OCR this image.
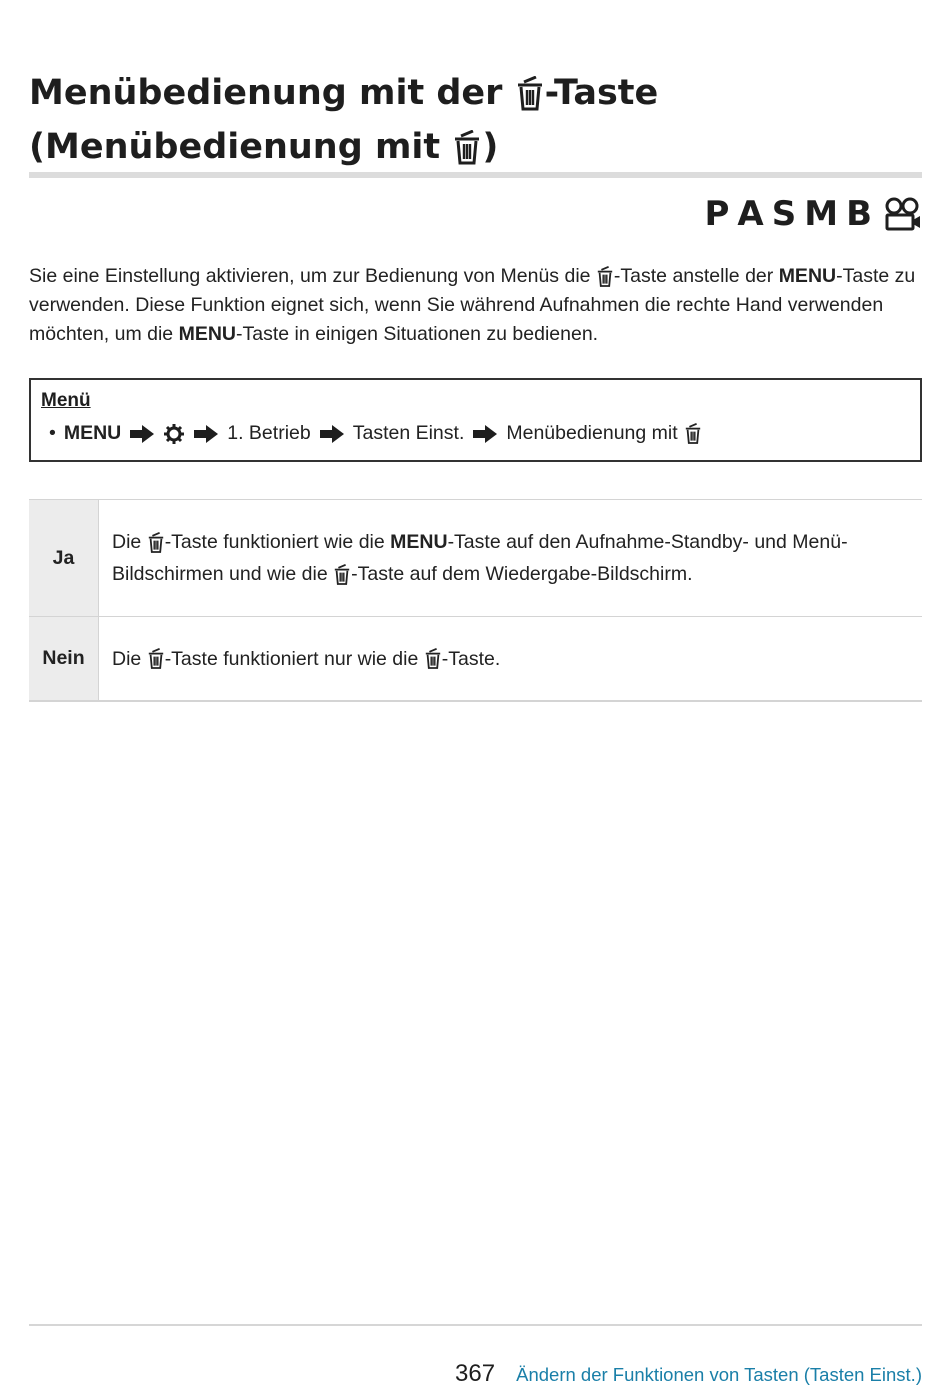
Menübedienung mit der -Taste (Menübedienung mit )
P A S M B

Sie eine Einstellung aktivieren, um zur Bedienung von Menüs die -Taste anstelle der MENU-Taste zu verwenden. Diese Funktion eignet sich, wenn Sie während Aufnahmen die rechte Hand verwenden möchten, um die MENU-Taste in einigen Situationen zu bedienen.

Menü
• MENU	1. Betrieb Tasten Einst. Menübedienung mit
Ja	Die -Taste funktioniert wie die MENU-Taste auf den Aufnahme-Standby- und Menü-Bildschirmen und wie die -Taste auf dem Wiedergabe-Bildschirm.
Nein	Die -Taste funktioniert nur wie die -Taste.
367 Ändern der Funktionen von Tasten (Tasten Einst.)
